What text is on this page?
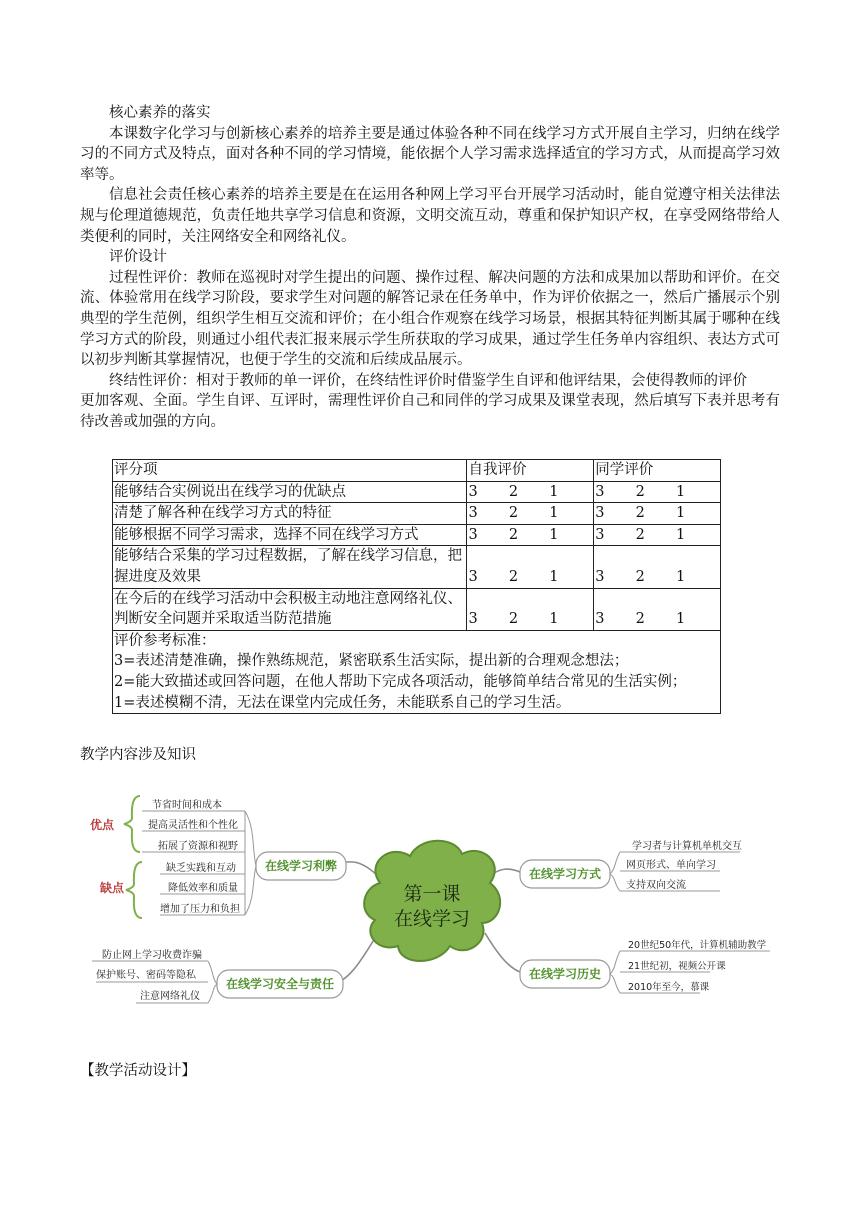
核心素养的落实

本课数字化学习与创新核心素养的培养主要是通过体验各种不同在线学习方式开展自主学习，归纳在线学习的不同方式及特点，面对各种不同的学习情境，能依据个人学习需求选择适宜的学习方式，从而提高学习效率等。

信息社会责任核心素养的培养主要是在在运用各种网上学习平台开展学习活动时，能自觉遵守相关法律法规与伦理道德规范，负责任地共享学习信息和资源，文明交流互动，尊重和保护知识产权，在享受网络带给人类便利的同时，关注网络安全和网络礼仪。

评价设计

过程性评价：教师在巡视时对学生提出的问题、操作过程、解决问题的方法和成果加以帮助和评价。在交流、体验常用在线学习阶段，要求学生对问题的解答记录在任务单中，作为评价依据之一，然后广播展示个别典型的学生范例，组织学生相互交流和评价；在小组合作观察在线学习场景，根据其特征判断其属于哪种在线学习方式的阶段，则通过小组代表汇报来展示学生所获取的学习成果，通过学生任务单内容组织、表达方式可以初步判断其掌握情况，也便于学生的交流和后续成品展示。

终结性评价：相对于教师的单一评价，在终结性评价时借鉴学生自评和他评结果，会使得教师的评价

更加客观、全面。学生自评、互评时，需理性评价自己和同伴的学习成果及课堂表现，然后填写下表并思考有待改善或加强的方向。

评分项	自我评价	同学评价
能够结合实例说出在线学习的优缺点	3 2 1	3 2 1

清楚了解各种在线学习方式的特征	3 2 1	3 2 1

能够根据不同学习需求，选择不同在线学习方式	3 2 1	3 2 1

能够结合采集的学习过程数据，了解在线学习信息，把握进度及效果	3 2 1	3 2 1

在今后的在线学习活动中会积极主动地注意网络礼仪、判断安全问题并采取适当防范措施	3 2 1	3 2 1

评价参考标准：
3=表述清楚准确，操作熟练规范，紧密联系生活实际，提出新的合理观念想法；
2=能大致描述或回答问题，在他人帮助下完成各项活动，能够简单结合常见的生活实例；
1=表述模糊不清，无法在课堂内完成任务，未能联系自己的学习生活。		
教学内容涉及知识
第一课
在线学习
在线学习利弊
优点
缺点
节省时间和成本
提高灵活性和个性化
拓展了资源和视野
缺乏实践和互动
降低效率和质量
增加了压力和负担
在线学习安全与责任
防止网上学习收费诈骗
保护账号、密码等隐私
注意网络礼仪
在线学习方式
学习者与计算机单机交互
网页形式、单向学习
支持双向交流
在线学习历史
20世纪50年代，计算机辅助教学
21世纪初，视频公开课
2010年至今，慕课
【教学活动设计】
